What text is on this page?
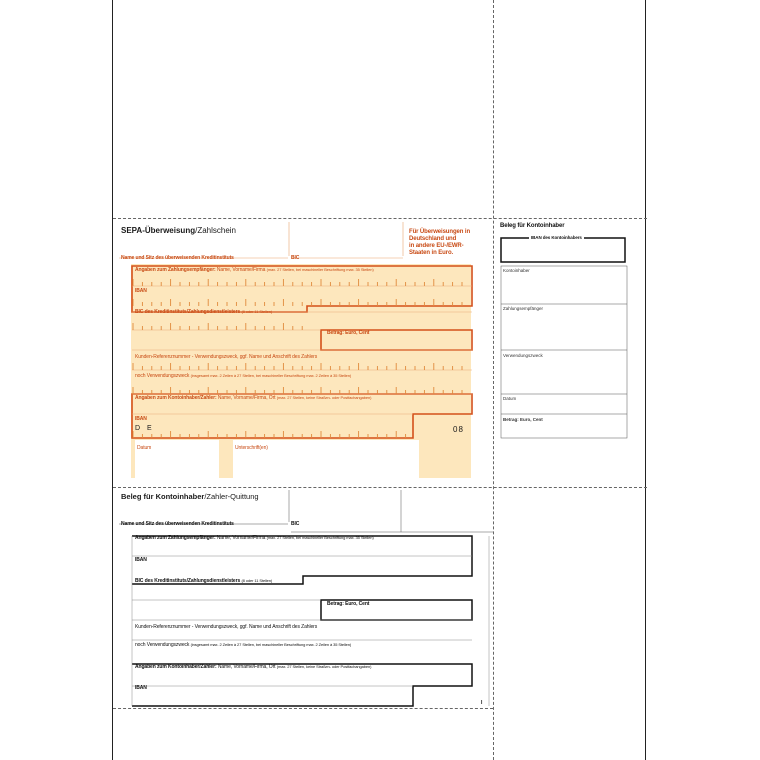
SEPA-Überweisung/Zahlschein
Name und Sitz des überweisenden Kreditinstituts	BIC
Für Überweisungen in
Deutschland und
in andere EU-/EWR-
Staaten in Euro.
Angaben zum Zahlungsempfänger: Name, Vorname/Firma (max. 27 Stellen, bei maschineller Beschriftung max. 35 Stellen)
IBAN
BIC des Kreditinstituts/Zahlungsdienstleisters (8 oder 11 Stellen)
Betrag: Euro, Cent
Kunden-Referenznummer - Verwendungszweck, ggf. Name und Anschrift des Zahlers
noch Verwendungszweck (insgesamt max. 2 Zeilen à 27 Stellen, bei maschineller Beschriftung max. 2 Zeilen à 35 Stellen)
Angaben zum Kontoinhaber/Zahler: Name, Vorname/Firma, Ort (max. 27 Stellen, keine Straßen- oder Postfachangaben)
IBAN
D E	08
Datum	Unterschrift(en)
Beleg für Kontoinhaber
IBAN des Kontoinhabers
Kontoinhaber
Zahlungsempfänger
Verwendungszweck
Datum
Betrag: Euro, Cent
Beleg für Kontoinhaber/Zahler-Quittung
Name und Sitz des überweisenden Kreditinstituts	BIC
Angaben zum Zahlungsempfänger: Name, Vorname/Firma (max. 27 Stellen, bei maschineller Beschriftung max. 35 Stellen)
IBAN
BIC des Kreditinstituts/Zahlungsdienstleisters (8 oder 11 Stellen)
Betrag: Euro, Cent
Kunden-Referenznummer - Verwendungszweck, ggf. Name und Anschrift des Zahlers
noch Verwendungszweck (insgesamt max. 2 Zeilen à 27 Stellen, bei maschineller Beschriftung max. 2 Zeilen à 35 Stellen)
Angaben zum Kontoinhaber/Zahler: Name, Vorname/Firma, Ort (max. 27 Stellen, keine Straßen- oder Postfachangaben)
IBAN
I
